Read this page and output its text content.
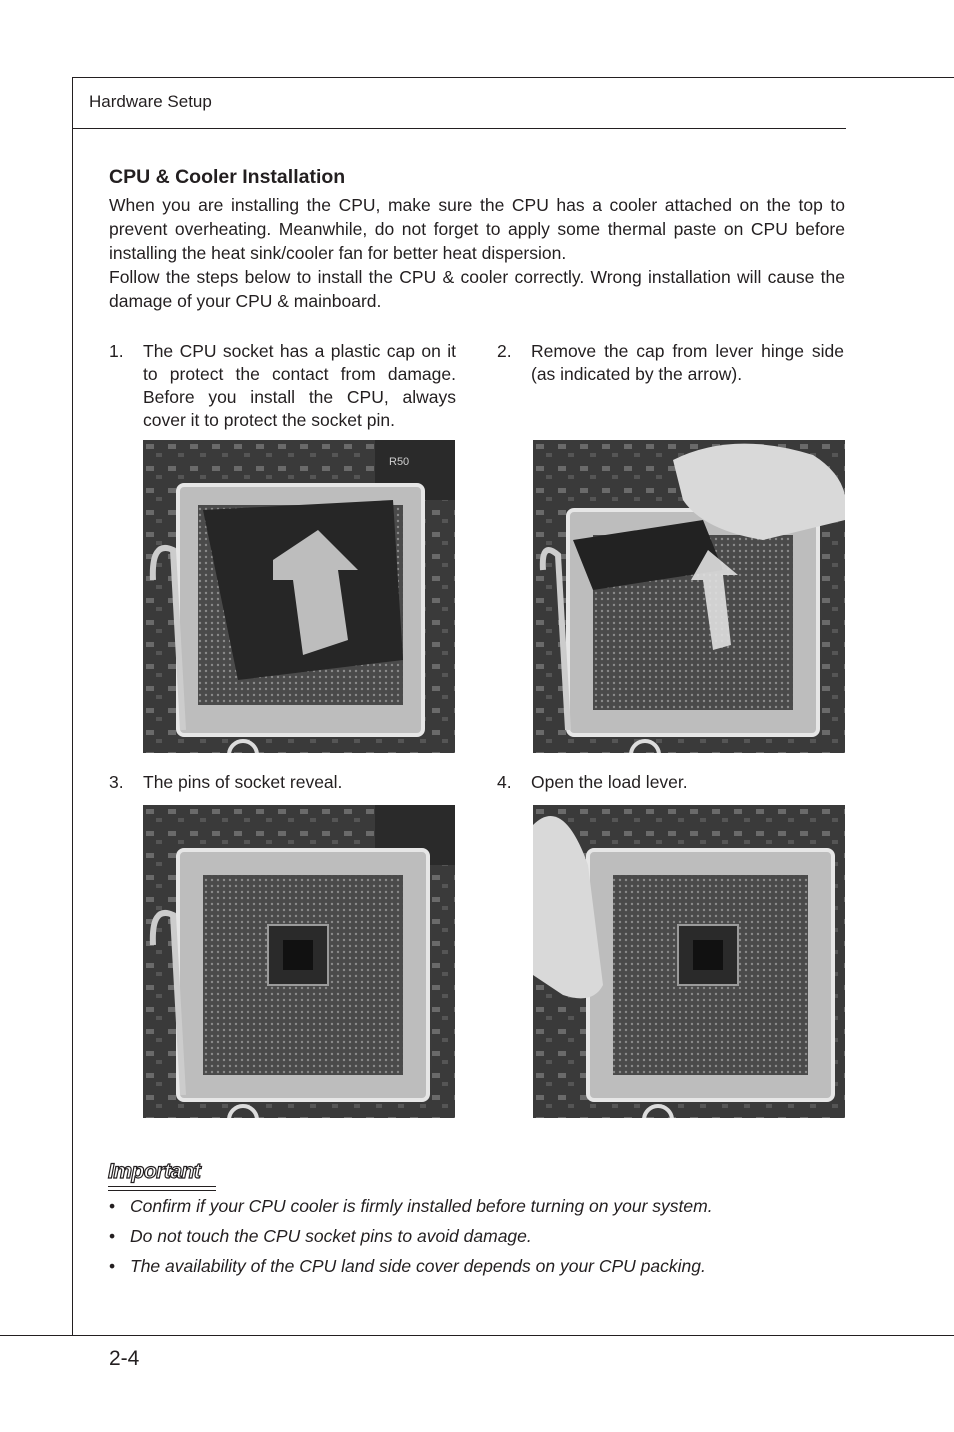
Hardware Setup
CPU & Cooler Installation

When you are installing the CPU, make sure the CPU has a cooler attached on the top to prevent overheating. Meanwhile, do not forget to apply some thermal paste on CPU before installing the heat sink/cooler fan for better heat dispersion.

Follow the steps below to install the CPU & cooler correctly. Wrong installation will cause the damage of your CPU & mainboard.

1. The CPU socket has a plastic cap on it to protect the contact from damage. Before you install the CPU, always cover it to protect the socket pin.
2. Remove the cap from lever hinge side (as indicated by the arrow).
3. The pins of socket reveal.	4. Open the load lever.
R50
Important
• Confirm if your CPU cooler is firmly installed before turning on your system.
• Do not touch the CPU socket pins to avoid damage.
• The availability of the CPU land side cover depends on your CPU packing.
2-4
